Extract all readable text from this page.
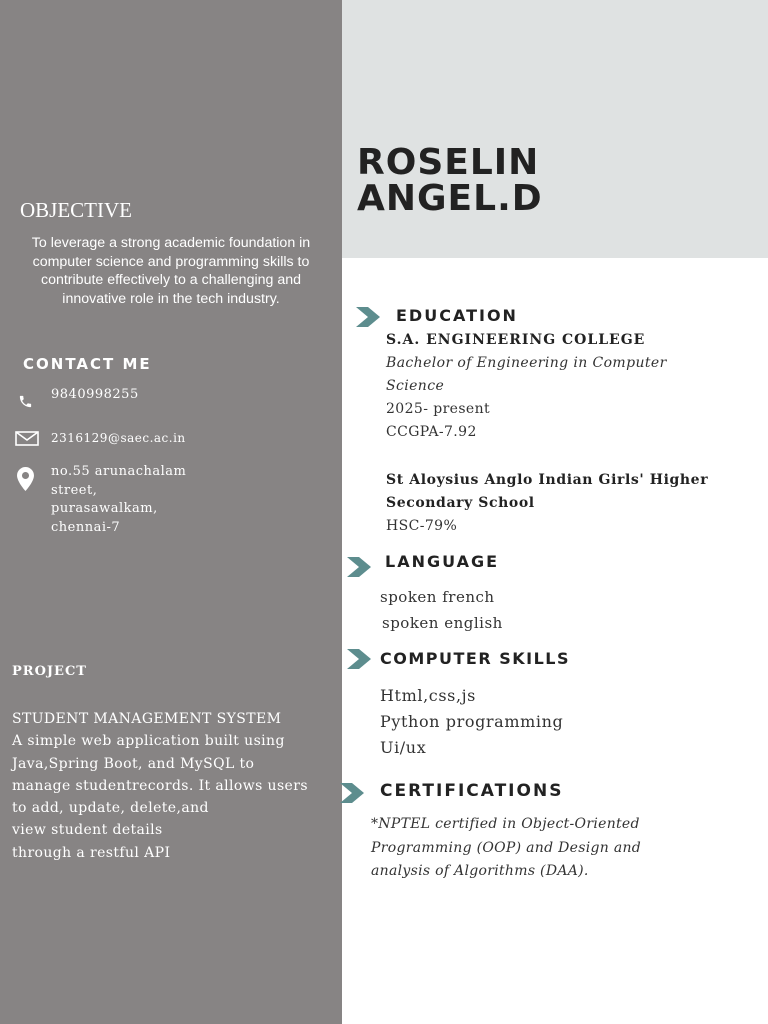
ROSELIN
ANGEL.D
OBJECTIVE
To leverage a strong academic foundation in computer science and programming skills to contribute effectively to a challenging and innovative role in the tech industry.
CONTACT ME
9840998255
2316129@saec.ac.in
no.55 arunachalam
street,
purasawalkam,
chennai-7
PROJECT
STUDENT MANAGEMENT SYSTEM
A simple web application built using
Java,Spring Boot, and MySQL to
manage studentrecords. It allows users
to add, update, delete,and
view student details
through a restful API
EDUCATION
S.A. ENGINEERING COLLEGE
Bachelor of Engineering in Computer
Science
2025- present
CCGPA-7.92
St Aloysius Anglo Indian Girls' Higher
Secondary School
HSC-79%
LANGUAGE
spoken french
spoken english
COMPUTER SKILLS
Html,css,js
Python programming
Ui/ux
CERTIFICATIONS
*NPTEL certified in Object-Oriented
Programming (OOP) and Design and
analysis of Algorithms (DAA).
